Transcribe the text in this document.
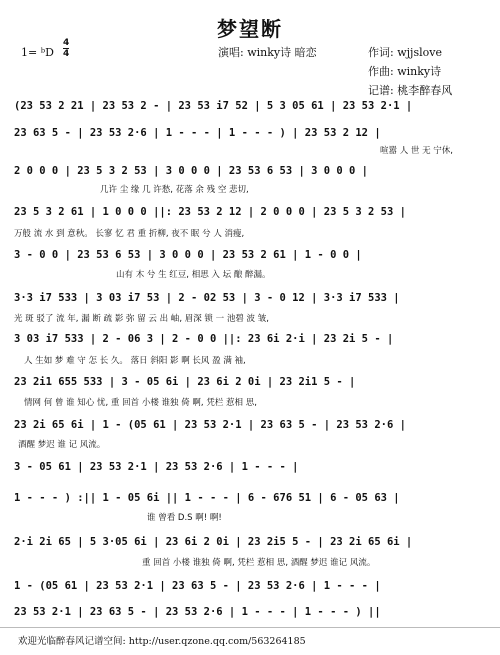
梦望断
1= ᵇD
4
4	演唱: winky诗 暗恋	作词: wjjslove
作曲: winky诗
记谱: 桃李醉春风
(23 53 2 21 | 23 53 2 - | 23 53 i7 52 | 5 3 05 61 | 23 53 2·1 |
23 63 5 - | 23 53 2·6 | 1 - - - | 1 - - - ) | 23 53 2 12 |
喧嚣 人 世 无 宁休,
2 0 0 0 | 23 5 3 2 53 | 3 0 0 0 | 23 53 6 53 | 3 0 0 0 |
几许 尘 缘 几 许愁, 花落 余 残 空 悲切,
23 5 3 2 61 | 1 0 0 0 ||: 23 53 2 12 | 2 0 0 0 | 23 5 3 2 53 |
万般 流 水 到 意秋。 长寥 忆 君 重 折柳, 夜不 眠 兮 人 消瘦,
3 - 0 0 | 23 53 6 53 | 3 0 0 0 | 23 53 2 61 | 1 - 0 0 |
山有 木 兮 生 红豆, 相思 入 坛 酿 醉漏。
3·3 i7 533 | 3 03 i7 53 | 2 - 02 53 | 3 - 0 12 | 3·3 i7 533 |
光 斑 驳了 流 年, 漏 断 疏 影 弥 留 云 出 岫, 眉深 锁 一 池碧 波 皱,
3 03 i7 533 | 2 - 06 3 | 2 - 0 0 ||: 23 6i 2·i | 23 2i 5 - |
人 生如 梦 难 守 怎 长 久。 落日 斜阳 影 啊 长风 盈 满 袖,
23 2i1 655 533 | 3 - 05 6i | 23 6i 2 0i | 23 2i1 5 - |
情网 何 曾 谁 知心 忧, 重 回首 小楼 谁独 倚 啊, 凭栏 惹相 思,
23 2i 65 6i | 1 - (05 61 | 23 53 2·1 | 23 63 5 - | 23 53 2·6 |
酒醒 梦迟 谁 记 风流。
3 - 05 61 | 23 53 2·1 | 23 53 2·6 | 1 - - - |
1 - - - ) :|| 1 - 05 6i || 1 - - - | 6 - 676 51 | 6 - 05 63 |
谁 曾看 D.S 啊! 啊!
2·i 2i 65 | 5 3·05 6i | 23 6i 2 0i | 23 2i5 5 - | 23 2i 65 6i |
重 回首 小楼 谁独 倚 啊, 凭栏 惹相 思, 酒醒 梦迟 谁记 风流。
1 - (05 61 | 23 53 2·1 | 23 63 5 - | 23 53 2·6 | 1 - - - |
23 53 2·1 | 23 63 5 - | 23 53 2·6 | 1 - - - | 1 - - - ) ||
欢迎光临醉春风记谱空间: http://user.qzone.qq.com/563264185
